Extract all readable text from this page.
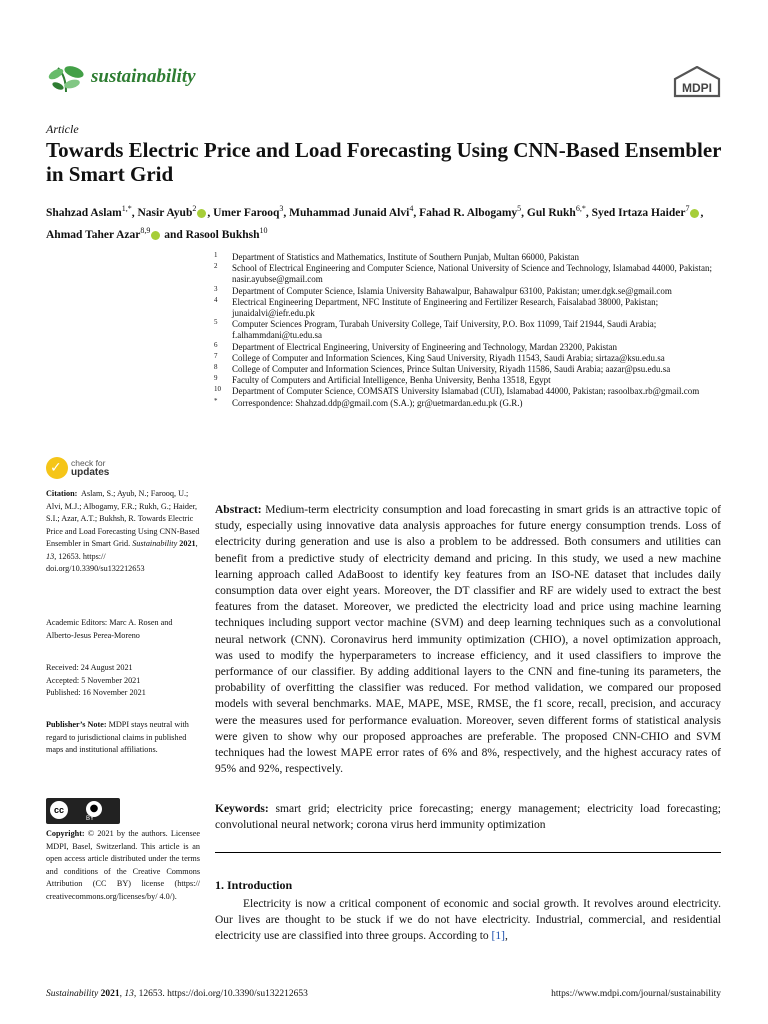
sustainability
MDPI
Article
Towards Electric Price and Load Forecasting Using CNN-Based Ensembler in Smart Grid
Shahzad Aslam$^{1,*}$, Nasir Ayub$^2$ , Umer Farooq$^3$, Muhammad Junaid Alvi$^4$, Fahad R. Albogamy$^5$, Gul Rukh$^{6,*}$, Syed Irtaza Haider$^7$ , Ahmad Taher Azar$^{8,9}$ and Rasool Bukhsh$^{10}$
1 Department of Statistics and Mathematics, Institute of Southern Punjab, Multan 66000, Pakistan
2 School of Electrical Engineering and Computer Science, National University of Science and Technology, Islamabad 44000, Pakistan; nasir.ayubse@gmail.com
3 Department of Computer Science, Islamia University Bahawalpur, Bahawalpur 63100, Pakistan; umer.dgk.se@gmail.com
4 Electrical Engineering Department, NFC Institute of Engineering and Fertilizer Research, Faisalabad 38000, Pakistan; junaidalvi@iefr.edu.pk
5 Computer Sciences Program, Turabah University College, Taif University, P.O. Box 11099, Taif 21944, Saudi Arabia; f.alhammdani@tu.edu.sa
6 Department of Electrical Engineering, University of Engineering and Technology, Mardan 23200, Pakistan
7 College of Computer and Information Sciences, King Saud University, Riyadh 11543, Saudi Arabia; sirtaza@ksu.edu.sa
8 College of Computer and Information Sciences, Prince Sultan University, Riyadh 11586, Saudi Arabia; aazar@psu.edu.sa
9 Faculty of Computers and Artificial Intelligence, Benha University, Benha 13518, Egypt
10 Department of Computer Science, COMSATS University Islamabad (CUI), Islamabad 44000, Pakistan; rasoolbax.rb@gmail.com
* Correspondence: Shahzad.ddp@gmail.com (S.A.); gr@uetmardan.edu.pk (G.R.)
✓ check for
updates
Citation: Aslam, S.; Ayub, N.; Farooq, U.; Alvi, M.J.; Albogamy, F.R.; Rukh, G.; Haider, S.I.; Azar, A.T.; Bukhsh, R. Towards Electric Price and Load Forecasting Using CNN-Based Ensembler in Smart Grid. Sustainability 2021, 13, 12653. https:// doi.org/10.3390/su132212653
Academic Editors: Marc A. Rosen and Alberto-Jesus Perea-Moreno
Received: 24 August 2021
Accepted: 5 November 2021
Published: 16 November 2021
Publisher’s Note: MDPI stays neutral with regard to jurisdictional claims in published maps and institutional affiliations.
cc	●
BY
Copyright: © 2021 by the authors. Licensee MDPI, Basel, Switzerland. This article is an open access article distributed under the terms and conditions of the Creative Commons Attribution (CC BY) license (https:// creativecommons.org/licenses/by/ 4.0/).
Abstract: Medium-term electricity consumption and load forecasting in smart grids is an attractive topic of study, especially using innovative data analysis approaches for future energy consumption trends. Loss of electricity during generation and use is also a problem to be addressed. Both consumers and utilities can benefit from a predictive study of electricity demand and pricing. In this study, we used a new machine learning approach called AdaBoost to identify key features from an ISO-NE dataset that includes daily consumption data over eight years. Moreover, the DT classifier and RF are widely used to extract the best features from the dataset. Moreover, we predicted the electricity load and price using machine learning techniques including support vector machine (SVM) and deep learning techniques such as a convolutional neural network (CNN). Coronavirus herd immunity optimization (CHIO), a novel optimization approach, was used to modify the hyperparameters to increase efficiency, and it used classifiers to improve the performance of our classifier. By adding additional layers to the CNN and fine-tuning its parameters, the probability of overfitting the classifier was reduced. For method validation, we compared our proposed models with several benchmarks. MAE, MAPE, MSE, RMSE, the f1 score, recall, precision, and accuracy were the measures used for performance evaluation. Moreover, seven different forms of statistical analysis were given to show why our proposed approaches are preferable. The proposed CNN-CHIO and SVM techniques had the lowest MAPE error rates of 6% and 8%, respectively, and the highest accuracy rates of 95% and 92%, respectively.
Keywords: smart grid; electricity price forecasting; energy management; electricity load forecasting; convolutional neural network; corona virus herd immunity optimization
1. Introduction
Electricity is now a critical component of economic and social growth. It revolves around electricity. Our lives are thought to be stuck if we do not have electricity. Industrial, commercial, and residential electricity use are classified into three groups. According to [1],
Sustainability 2021, 13, 12653. https://doi.org/10.3390/su132212653	https://www.mdpi.com/journal/sustainability
